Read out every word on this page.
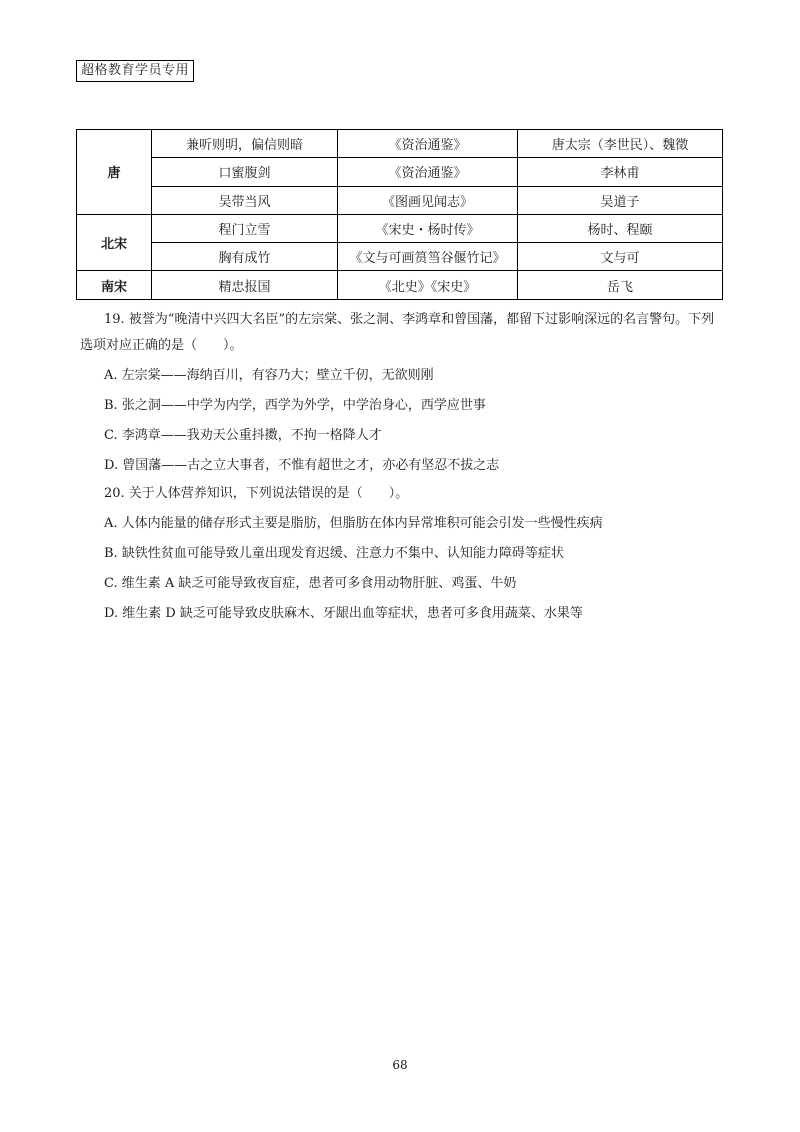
超格教育学员专用
唐	兼听则明，偏信则暗	《资治通鉴》	唐太宗（李世民）、魏徵
	口蜜腹剑	《资治通鉴》	李林甫
	吴带当风	《图画见闻志》	吴道子
北宋	程门立雪	《宋史・杨时传》	杨时、程颐
	胸有成竹	《文与可画筼筜谷偃竹记》	文与可
南宋	精忠报国	《北史》《宋史》	岳飞

19. 被誉为“晚清中兴四大名臣”的左宗棠、张之洞、李鸿章和曾国藩，都留下过影响深远的名言警句。下列选项对应正确的是（　　）。

A. 左宗棠——海纳百川，有容乃大；壁立千仞，无欲则刚

B. 张之洞——中学为内学，西学为外学，中学治身心，西学应世事

C. 李鸿章——我劝天公重抖擞，不拘一格降人才

D. 曾国藩——古之立大事者，不惟有超世之才，亦必有坚忍不拔之志

20. 关于人体营养知识，下列说法错误的是（　　）。

A. 人体内能量的储存形式主要是脂肪，但脂肪在体内异常堆积可能会引发一些慢性疾病

B. 缺铁性贫血可能导致儿童出现发育迟缓、注意力不集中、认知能力障碍等症状

C. 维生素 A 缺乏可能导致夜盲症，患者可多食用动物肝脏、鸡蛋、牛奶

D. 维生素 D 缺乏可能导致皮肤麻木、牙龈出血等症状，患者可多食用蔬菜、水果等

68
